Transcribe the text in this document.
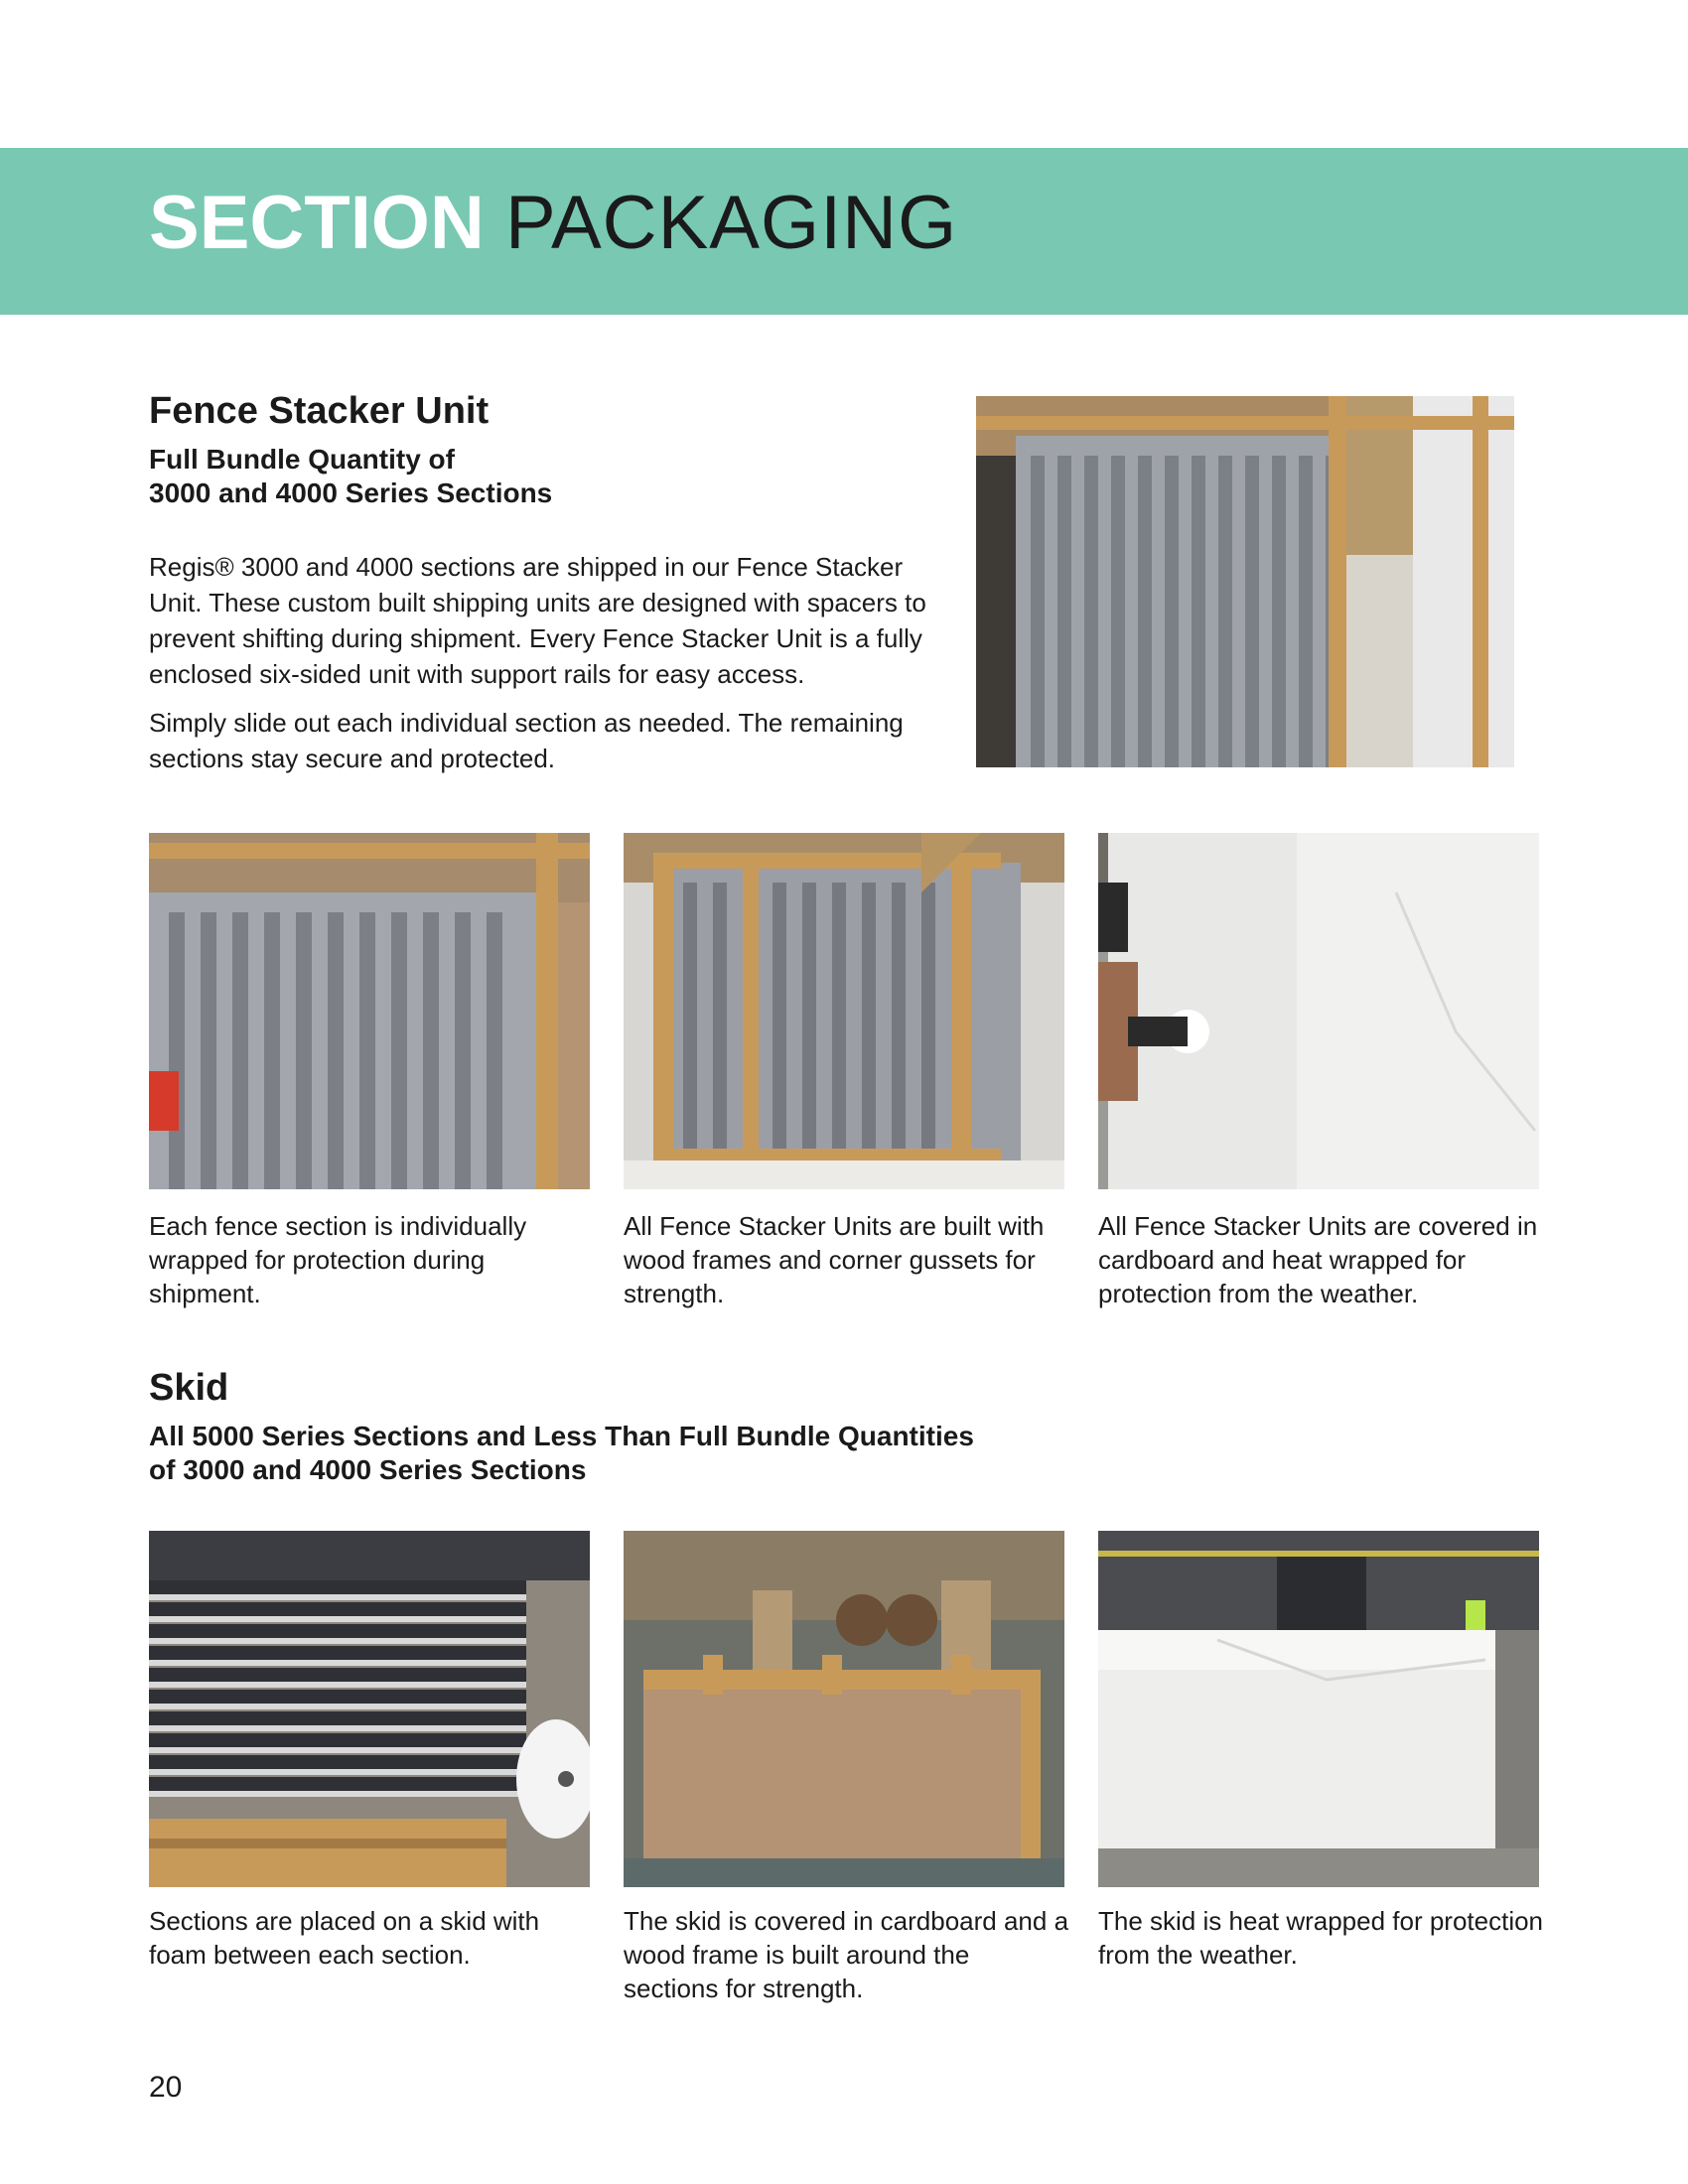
SECTION PACKAGING
Fence Stacker Unit
Full Bundle Quantity of
3000 and 4000 Series Sections

Regis® 3000 and 4000 sections are shipped in our Fence Stacker Unit. These custom built shipping units are designed with spacers to prevent shifting during shipment. Every Fence Stacker Unit is a fully enclosed six-sided unit with support rails for easy access.

Simply slide out each individual section as needed. The remaining sections stay secure and protected.

Each fence section is individually wrapped for protection during shipment.

All Fence Stacker Units are built with wood frames and corner gussets for strength.

All Fence Stacker Units are covered in cardboard and heat wrapped for protection from the weather.

Skid
All 5000 Series Sections and Less Than Full Bundle Quantities
of 3000 and 4000 Series Sections

Sections are placed on a skid with foam between each section.

The skid is covered in cardboard and a wood frame is built around the sections for strength.

The skid is heat wrapped for protection from the weather.

20
